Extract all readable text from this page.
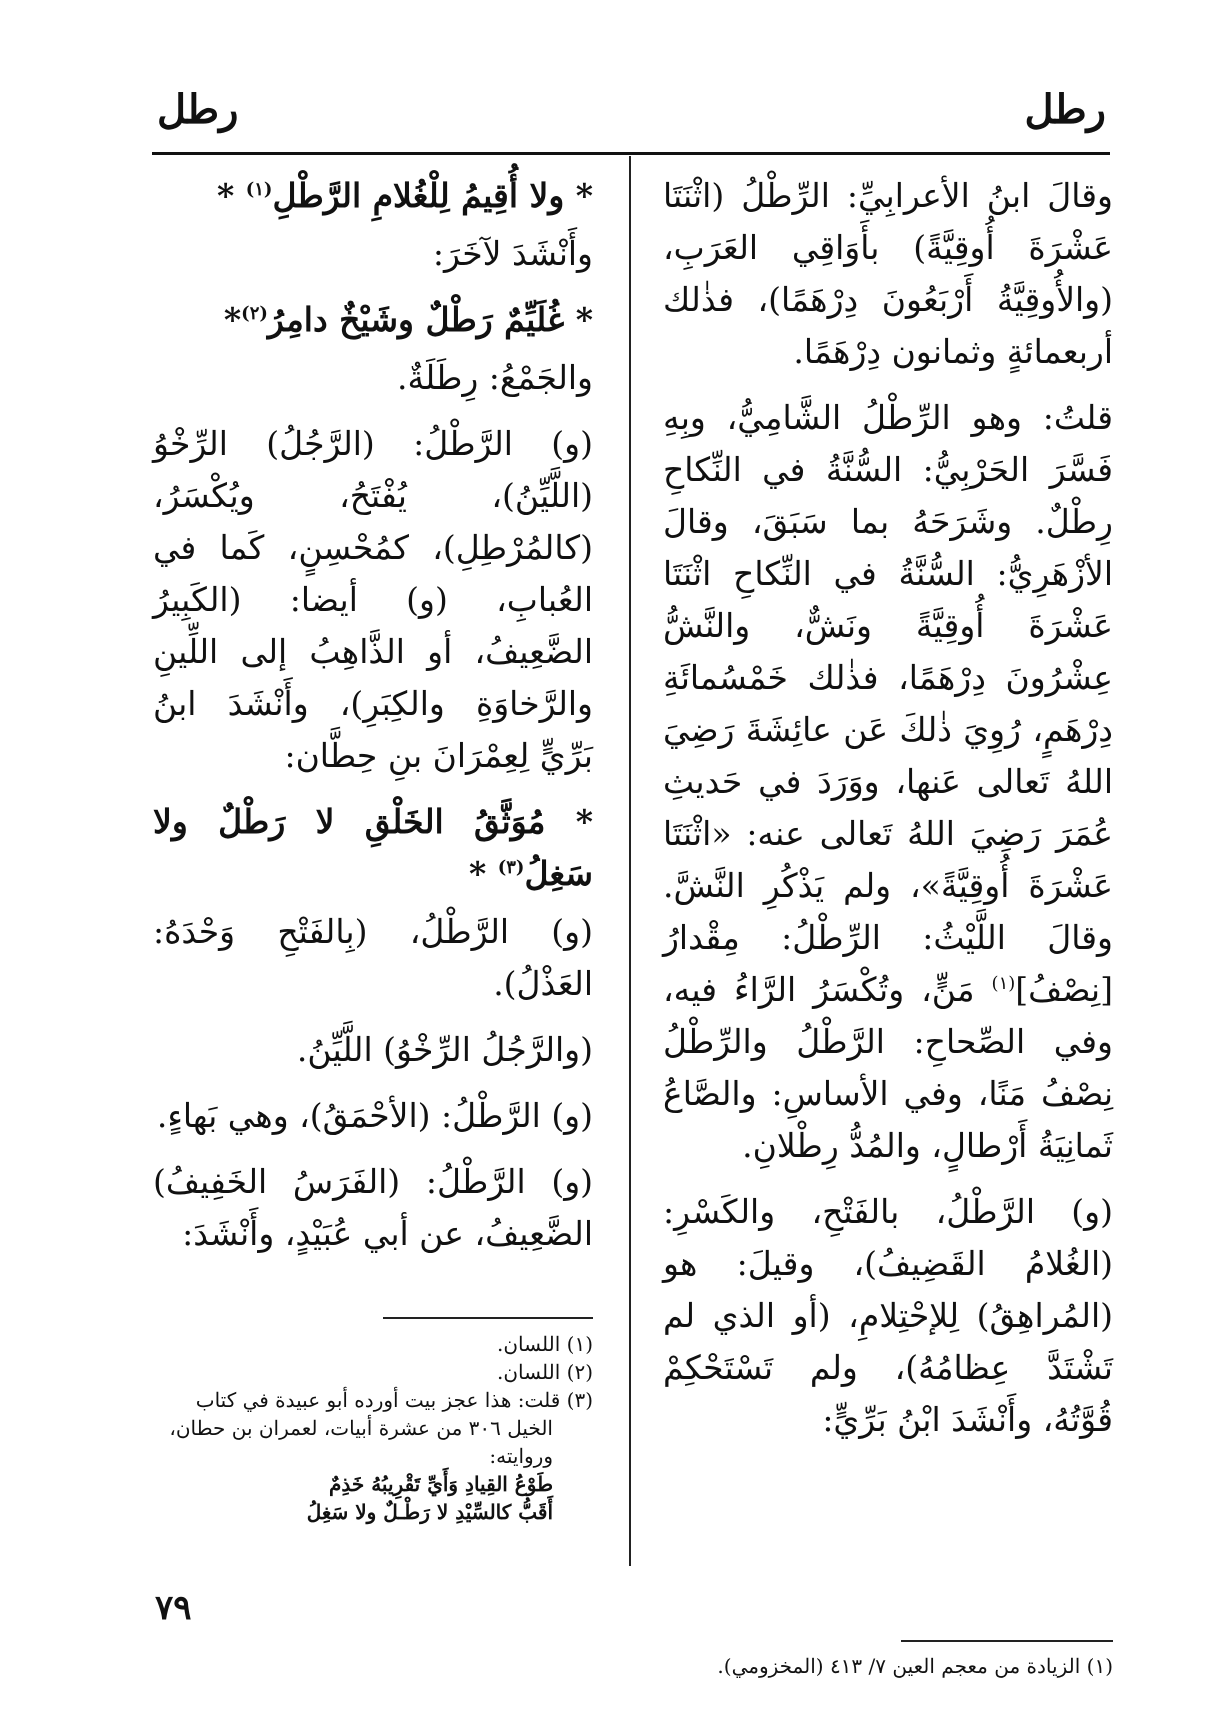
رطل
رطل

وقالَ ابنُ الأعرابِيِّ: الرِّطْلُ (اثْنَتَا عَشْرَةَ أُوقِيَّةً) بأَوَاقِي العَرَبِ، (والأُوقِيَّةُ أَرْبَعُونَ دِرْهَمًا)، فذٰلك أربعمائةٍ وثمانون دِرْهَمًا.

قلتُ: وهو الرِّطْلُ الشَّامِيُّ، وبِهِ فَسَّرَ الحَرْبِيُّ: السُّنَّةُ في النِّكاحِ رِطْلٌ. وشَرَحَهُ بما سَبَقَ، وقالَ الأزْهَرِيُّ: السُّنَّةُ في النِّكاحِ اثْنَتَا عَشْرَةَ أُوقِيَّةً ونَشٌّ، والنَّشُّ عِشْرُونَ دِرْهَمًا، فذٰلك خَمْسُمائَةِ دِرْهَمٍ، رُوِيَ ذٰلكَ عَن عائِشَةَ رَضِيَ اللهُ تَعالى عَنها، ووَرَدَ في حَديثِ عُمَرَ رَضِيَ اللهُ تَعالى عنه: «اثْنَتَا عَشْرَةَ أُوقِيَّةً»، ولم يَذْكُرِ النَّشَّ. وقالَ اللَّيْثُ: الرِّطْلُ: مِقْدارُ [نِصْفُ]$^{(١)}$ مَنٍّ، وتُكْسَرُ الرَّاءُ فيه، وفي الصِّحاحِ: الرَّطْلُ والرِّطْلُ نِصْفُ مَنًا، وفي الأساسِ: والصَّاعُ ثَمانِيَةُ أَرْطالٍ، والمُدُّ رِطْلانِ.

(و) الرَّطْلُ، بالفَتْحِ، والكَسْرِ: (الغُلامُ القَضِيفُ)، وقيلَ: هو (المُراهِقُ) لِلإحْتِلامِ، (أو الذي لم تَشْتَدَّ عِظامُهُ)، ولم تَسْتَحْكِمْ قُوَّتُهُ، وأَنْشَدَ ابْنُ بَرِّيٍّ:

* ولا أُقِيمُ لِلْغُلامِ الرَّطْلِ$^{(١)}$ *

وأَنْشَدَ لآخَرَ:

* غُلَيِّمٌ رَطْلٌ وشَيْخٌ دامِرُ$^{(٢)}$*

والجَمْعُ: رِطَلَةٌ.

(و) الرَّطْلُ: (الرَّجُلُ) الرِّخْوُ (اللَّيِّنُ)، يُفْتَحُ، ويُكْسَرُ، (كالمُرْطِلِ)، كمُحْسِنٍ، كَما في العُبابِ، (و) أيضا: (الكَبِيرُ الضَّعِيفُ، أو الذَّاهِبُ إلى اللِّينِ والرَّخاوَةِ والكِبَرِ)، وأَنْشَدَ ابنُ بَرِّيٍّ لِعِمْرَانَ بنِ حِطَّان:

* مُوَثَّقُ الخَلْقِ لا رَطْلٌ ولا سَغِلُ$^{(٣)}$ *

(و) الرَّطْلُ، (بِالفَتْحِ وَحْدَهُ: العَذْلُ).

(والرَّجُلُ الرِّخْوُ) اللَّيِّنُ.

(و) الرَّطْلُ: (الأحْمَقُ)، وهي بَهاءٍ.

(و) الرَّطْلُ: (الفَرَسُ الخَفِيفُ) الضَّعِيفُ، عن أبي عُبَيْدٍ، وأَنْشَدَ:

(١) اللسان.
(٢) اللسان.
(٣) قلت: هذا عجز بيت أورده أبو عبيدة في كتاب
الخيل ٣٠٦ من عشرة أبيات، لعمران بن حطان، وروايته:
طَوْعُ القِيادِ وَأَيِّ تَقْرِيبُهُ خَذِمٌ
أَقَبُّ كالسِّيْدِ لا رَطْـلٌ ولا سَغِلُ
(١) الزيادة من معجم العين ٧/ ٤١٣ (المخزومي).
٧٩
